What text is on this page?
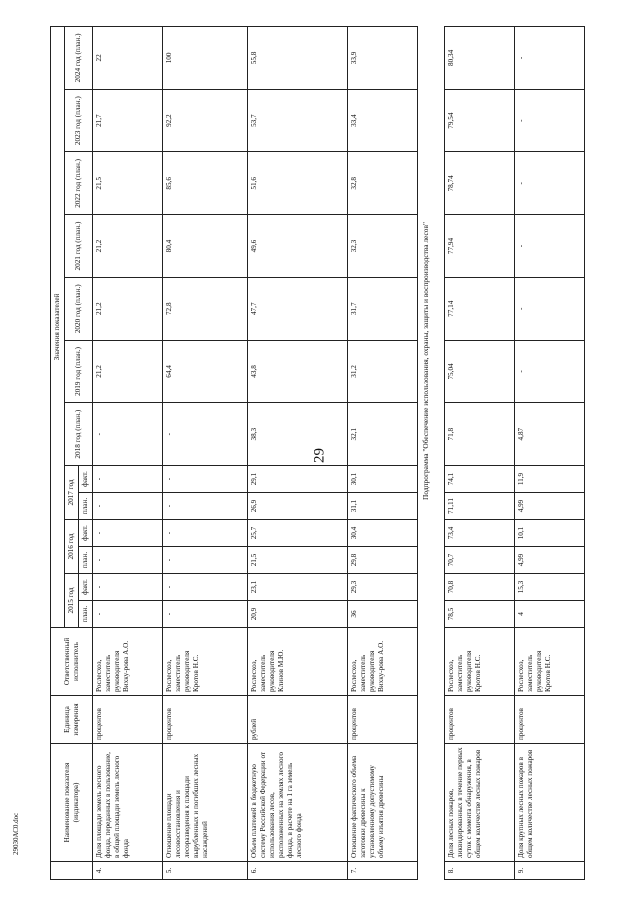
29
29030АС0.doc
		Наименование показателя (индикатора)	Единица измерения	Ответственный исполнитель	Значения показателей												
				2015 год		2016 год		2017 год		2018 год (план.)	2019 год (план.)	2020 год (план.)	2021 год (план.)	2022 год (план.)	2023 год (план.)	2024 год (план.)
				план.	факт.	план.	факт.	план.	факт.							
4.	Доля площади земель лесного фонда, переданных в пользование, в общей площади земель лесного фонда	процентов	Рослесхоз, заместитель руководителя Вихку-рова А.О.	-	-	-	-	-	-	-	21,2	21,2	21,2	21,5	21,7	22
5.	Отношение площади лесовосстановления и лесоразведения к площади вырубленных и погибших лесных насаждений	процентов	Рослесхоз, заместитель руководителя Кротов Н.С.	-	-	-	-	-	-	-	64,4	72,8	80,4	85,6	92,2	100
6.	Объем платежей в бюджетную систему Российской Федерации от использования лесов, расположенных на землях лесного фонда, в расчете на 1 га земель лесного фонда	рублей	Рослесхоз, заместитель руководителя Клинов М.Ю.	20,9	23,1	21,5	25,7	26,9	29,1	38,3	43,8	47,7	49,6	51,6	53,7	55,8
7.	Отношение фактического объема заготовки древесины к установленному допустимому объему изъятия древесины	процентов	Рослесхоз, заместитель руководителя Вихку-рова А.О.	36	29,3	29,8	30,4	31,1	30,1	32,1	31,2	31,7	32,3	32,8	33,4	33,9
			Подпрограмма "Обеспечение использования, охраны, защиты и воспроизводства лесов"													
8.	Доля лесных пожаров, ликвидированных в течение первых суток с момента обнаружения, в общем количестве лесных пожаров	процентов	Рослесхоз, заместитель руководителя Кротов Н.С.	78,5	70,8	70,7	73,4	71,11	74,1	71,8	75,04	77,14	77,94	78,74	79,54	80,34
9.	Доля крупных лесных пожаров в общем количестве лесных пожаров	процентов	Рослесхоз, заместитель руководителя Кротов Н.С.	4	15,3	4,99	10,1	4,99	11,9	4,87	-	-	-	-	-	-
